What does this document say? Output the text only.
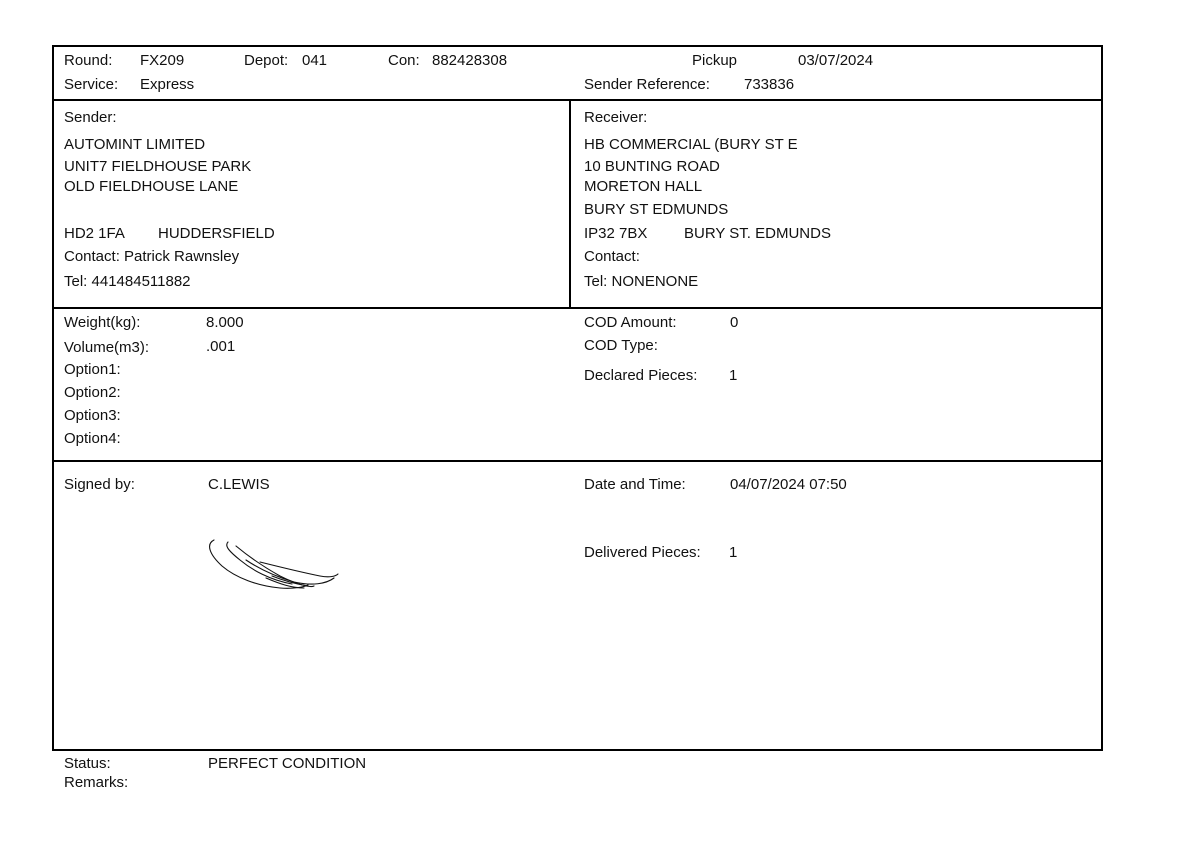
Round: FX209	Depot: 041	Con: 882428308	Pickup	03/07/2024
Service: Express	Sender Reference: 733836
Sender:
AUTOMINT LIMITED
UNIT7 FIELDHOUSE PARK
OLD FIELDHOUSE LANE
HD2 1FA HUDDERSFIELD
Contact: Patrick Rawnsley
Tel: 441484511882
Receiver:
HB COMMERCIAL (BURY ST E
10 BUNTING ROAD
MORETON HALL
BURY ST EDMUNDS
IP32 7BX BURY ST. EDMUNDS
Contact:
Tel: NONENONE
Weight(kg):	8.000
Volume(m3):	.001
Option1:
Option2:
Option3:
Option4:
COD Amount:	0
COD Type:
Declared Pieces: 1
Signed by:	C.LEWIS	Date and Time:	04/07/2024 07:50
Delivered Pieces: 1
Status:	PERFECT CONDITION
Remarks:
